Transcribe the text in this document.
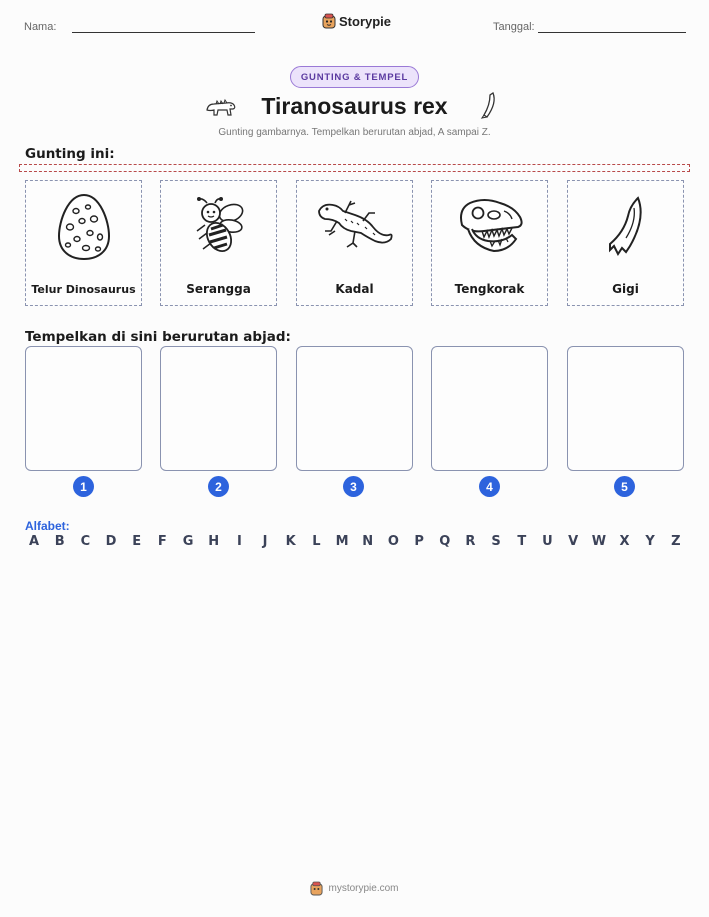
Nama:	Storypie	Tanggal:
GUNTING & TEMPEL
Tiranosaurus rex
Gunting gambarnya. Tempelkan berurutan abjad, A sampai Z.
Gunting ini:
Telur Dinosaurus	Serangga	Kadal	Tengkorak	Gigi
Tempelkan di sini berurutan abjad:
1	2	3	4	5
Alfabet:
A B C D E F G H	I	J	K L M N O P Q R S T U V W X Y Z
mystorypie.com
